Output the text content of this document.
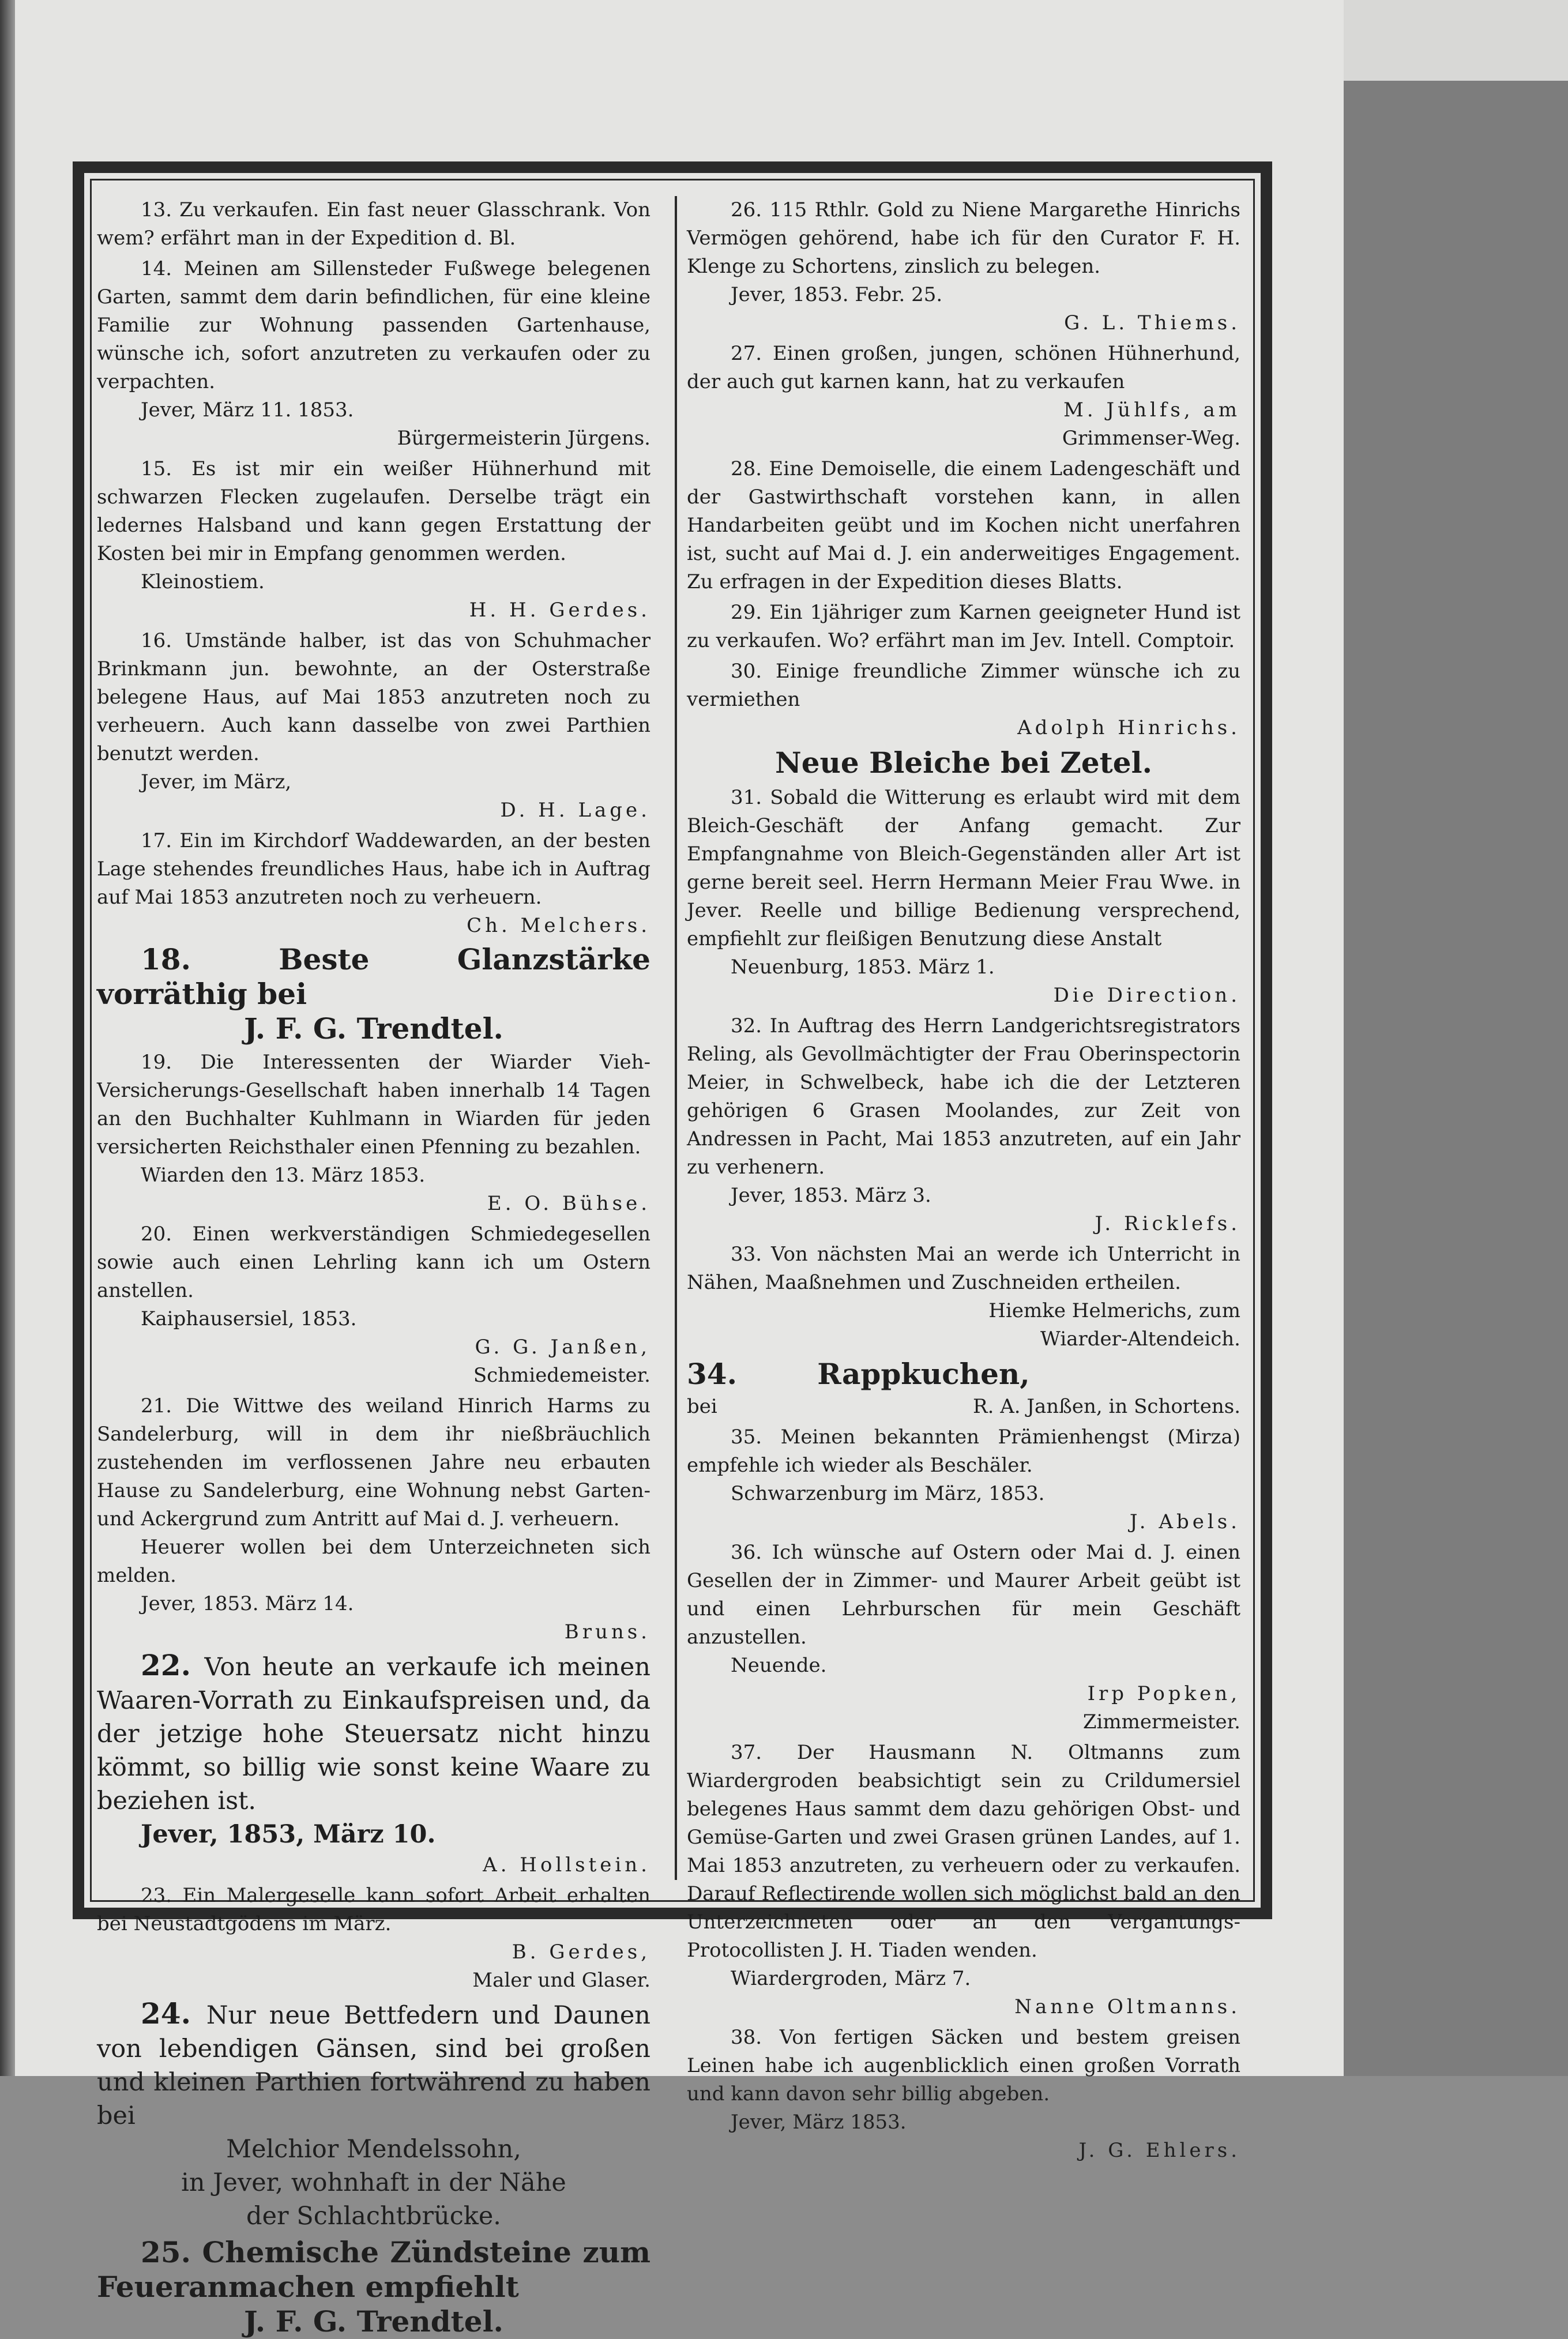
13. Zu verkaufen. Ein fast neuer Glasschrank. Von wem? erfährt man in der Expedition d. Bl.

14. Meinen am Sillensteder Fußwege belegenen Garten, sammt dem darin befindlichen, für eine kleine Familie zur Wohnung passenden Gartenhause, wünsche ich, sofort anzutreten zu verkaufen oder zu verpachten.

Jever, März 11. 1853.

Bürgermeisterin Jürgens.

15. Es ist mir ein weißer Hühnerhund mit schwarzen Flecken zugelaufen. Derselbe trägt ein ledernes Halsband und kann gegen Erstattung der Kosten bei mir in Empfang genommen werden.

Kleinostiem.

H. H. Gerdes.

16. Umstände halber, ist das von Schuhmacher Brinkmann jun. bewohnte, an der Osterstraße belegene Haus, auf Mai 1853 anzutreten noch zu verheuern. Auch kann dasselbe von zwei Parthien benutzt werden.

Jever, im März,

D. H. Lage.

17. Ein im Kirchdorf Waddewarden, an der besten Lage stehendes freundliches Haus, habe ich in Auftrag auf Mai 1853 anzutreten noch zu verheuern.

Ch. Melchers.

18. Beste Glanzstärke vorräthig bei

J. F. G. Trendtel.

19. Die Interessenten der Wiarder Vieh-Versicherungs-Gesellschaft haben innerhalb 14 Tagen an den Buchhalter Kuhlmann in Wiarden für jeden versicherten Reichsthaler einen Pfenning zu bezahlen.

Wiarden den 13. März 1853.

E. O. Bühse.

20. Einen werkverständigen Schmiedegesellen sowie auch einen Lehrling kann ich um Ostern anstellen.

Kaiphausersiel, 1853.

G. G. Janßen,

Schmiedemeister.

21. Die Wittwe des weiland Hinrich Harms zu Sandelerburg, will in dem ihr nießbräuchlich zustehenden im verflossenen Jahre neu erbauten Hause zu Sandelerburg, eine Wohnung nebst Garten- und Ackergrund zum Antritt auf Mai d. J. verheuern.

Heuerer wollen bei dem Unterzeichneten sich melden.

Jever, 1853. März 14.

Bruns.

22. Von heute an verkaufe ich meinen Waaren-Vorrath zu Einkaufspreisen und, da der jetzige hohe Steuersatz nicht hinzu kömmt, so billig wie sonst keine Waare zu beziehen ist.

Jever, 1853, März 10.

A. Hollstein.

23. Ein Malergeselle kann sofort Arbeit erhalten bei Neustadtgödens im März.

B. Gerdes,

Maler und Glaser.

24. Nur neue Bettfedern und Daunen von lebendigen Gänsen, sind bei großen und kleinen Parthien fortwährend zu haben bei

Melchior Mendelssohn,

in Jever, wohnhaft in der Nähe

der Schlachtbrücke.

25. Chemische Zündsteine zum Feueranmachen empfiehlt

J. F. G. Trendtel.

26. 115 Rthlr. Gold zu Niene Margarethe Hinrichs Vermögen gehörend, habe ich für den Curator F. H. Klenge zu Schortens, zinslich zu belegen.

Jever, 1853. Febr. 25.

G. L. Thiems.

27. Einen großen, jungen, schönen Hühnerhund, der auch gut karnen kann, hat zu verkaufen

M. Jühlfs, am

Grimmenser-Weg.

28. Eine Demoiselle, die einem Ladengeschäft und der Gastwirthschaft vorstehen kann, in allen Handarbeiten geübt und im Kochen nicht unerfahren ist, sucht auf Mai d. J. ein anderweitiges Engagement. Zu erfragen in der Expedition dieses Blatts.

29. Ein 1jähriger zum Karnen geeigneter Hund ist zu verkaufen. Wo? erfährt man im Jev. Intell. Comptoir.

30. Einige freundliche Zimmer wünsche ich zu vermiethen

Adolph Hinrichs.

Neue Bleiche bei Zetel.

31. Sobald die Witterung es erlaubt wird mit dem Bleich-Geschäft der Anfang gemacht. Zur Empfangnahme von Bleich-Gegenständen aller Art ist gerne bereit seel. Herrn Hermann Meier Frau Wwe. in Jever. Reelle und billige Bedienung versprechend, empfiehlt zur fleißigen Benutzung diese Anstalt

Neuenburg, 1853. März 1.

Die Direction.

32. In Auftrag des Herrn Landgerichtsregistrators Reling, als Gevollmächtigter der Frau Oberinspectorin Meier, in Schwelbeck, habe ich die der Letzteren gehörigen 6 Grasen Moolandes, zur Zeit von Andressen in Pacht, Mai 1853 anzutreten, auf ein Jahr zu verhenern.

Jever, 1853. März 3.

J. Ricklefs.

33. Von nächsten Mai an werde ich Unterricht in Nähen, Maaßnehmen und Zuschneiden ertheilen.

Hiemke Helmerichs, zum

Wiarder-Altendeich.

34.	Rappkuchen,

bei	R. A. Janßen, in Schortens.

35. Meinen bekannten Prämienhengst (Mirza) empfehle ich wieder als Beschäler.

Schwarzenburg im März, 1853.

J. Abels.

36. Ich wünsche auf Ostern oder Mai d. J. einen Gesellen der in Zimmer- und Maurer Arbeit geübt ist und einen Lehrburschen für mein Geschäft anzustellen.

Neuende.

Irp Popken,

Zimmermeister.

37. Der Hausmann N. Oltmanns zum Wiardergroden beabsichtigt sein zu Crildumersiel belegenes Haus sammt dem dazu gehörigen Obst- und Gemüse-Garten und zwei Grasen grünen Landes, auf 1. Mai 1853 anzutreten, zu verheuern oder zu verkaufen. Darauf Reflectirende wollen sich möglichst bald an den Unterzeichneten oder an den Vergantungs-Protocollisten J. H. Tiaden wenden.

Wiardergroden, März 7.

Nanne Oltmanns.

38. Von fertigen Säcken und bestem greisen Leinen habe ich augenblicklich einen großen Vorrath und kann davon sehr billig abgeben.

Jever, März 1853.

J. G. Ehlers.
